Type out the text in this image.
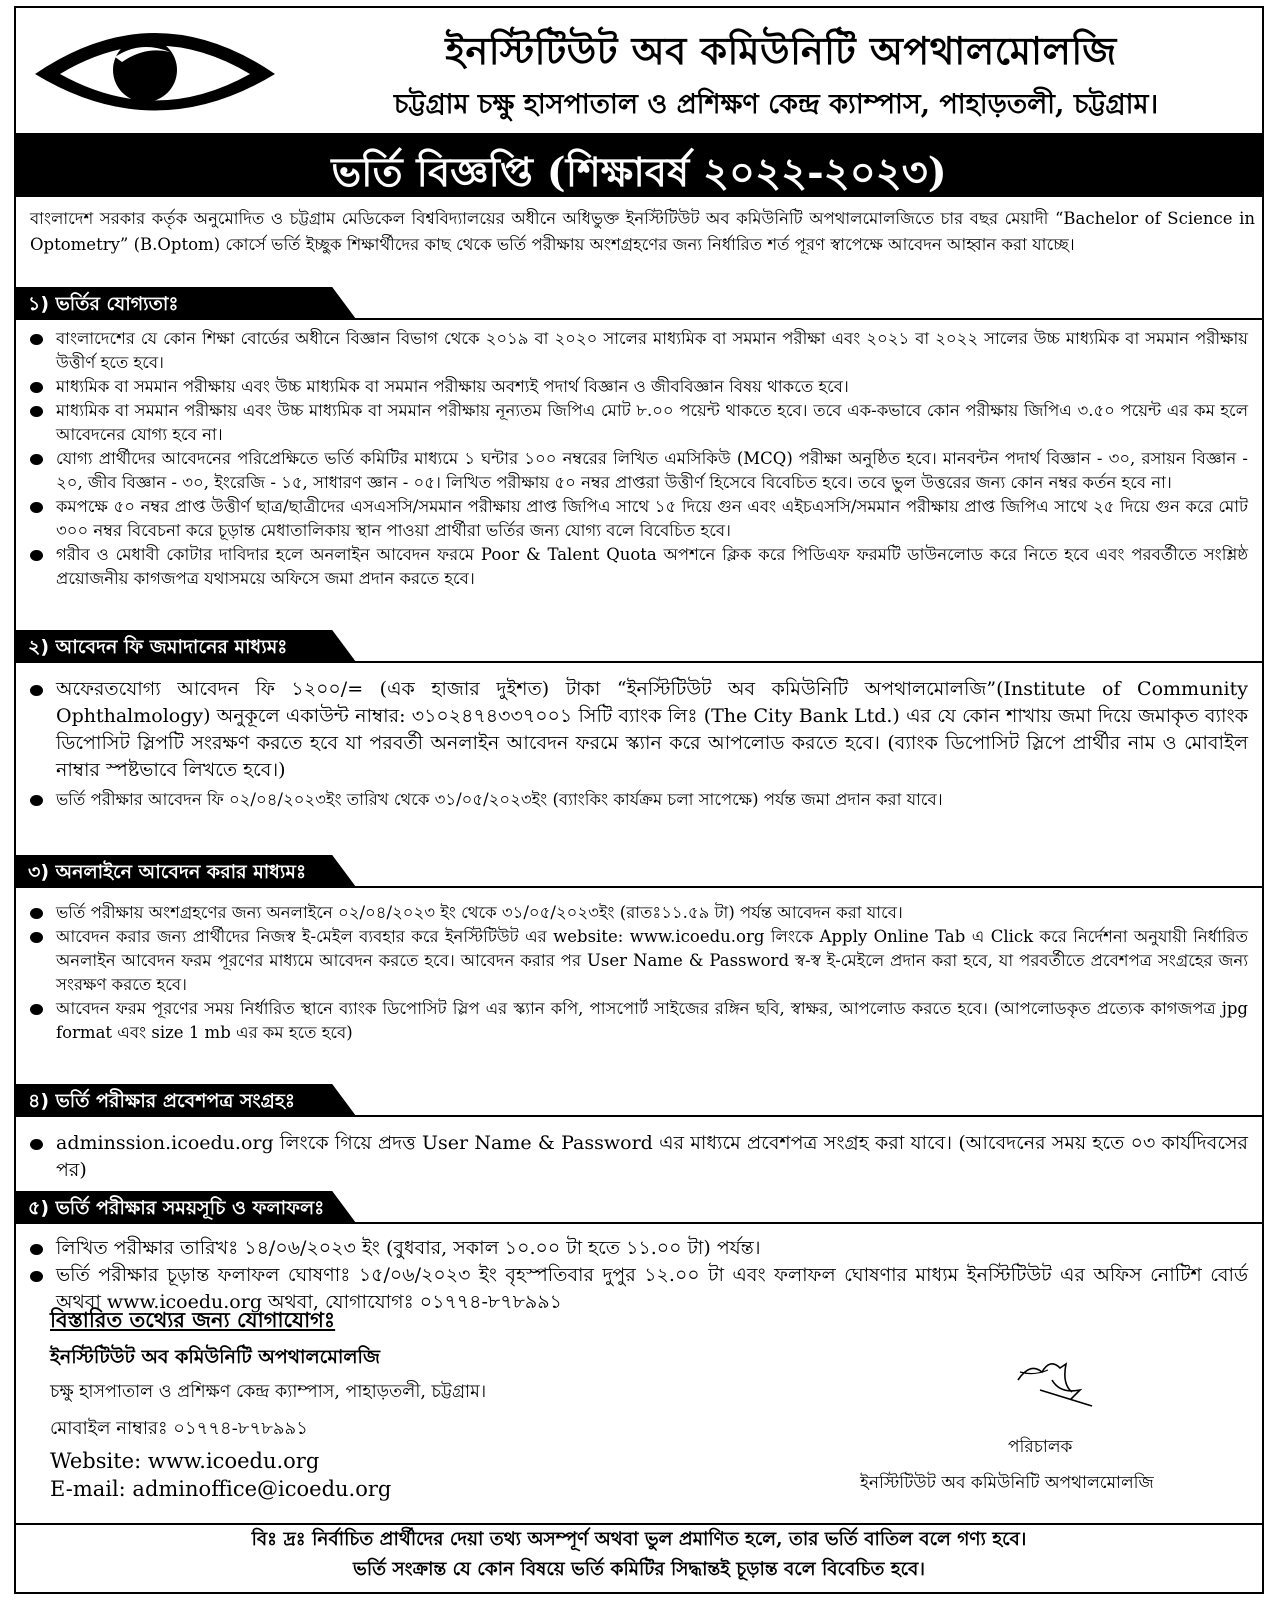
ইনস্টিটিউট অব কমিউনিটি অপথালমোলজি
চট্টগ্রাম চক্ষু হাসপাতাল ও প্রশিক্ষণ কেন্দ্র ক্যাম্পাস, পাহাড়তলী, চট্টগ্রাম।
ভর্তি বিজ্ঞপ্তি (শিক্ষাবর্ষ ২০২২-২০২৩)
বাংলাদেশ সরকার কর্তৃক অনুমোদিত ও চট্টগ্রাম মেডিকেল বিশ্ববিদ্যালয়ের অধীনে অধিভুক্ত ইনস্টিটিউট অব কমিউনিটি অপথালমোলজিতে চার বছর মেয়াদী “Bachelor of Science in Optometry” (B.Optom) কোর্সে ভর্তি ইচ্ছুক শিক্ষার্থীদের কাছ থেকে ভর্তি পরীক্ষায় অংশগ্রহণের জন্য নির্ধারিত শর্ত পূরণ স্বাপেক্ষে আবেদন আহ্বান করা যাচ্ছে।
১) ভর্তির যোগ্যতাঃ
বাংলাদেশের যে কোন শিক্ষা বোর্ডের অধীনে বিজ্ঞান বিভাগ থেকে ২০১৯ বা ২০২০ সালের মাধ্যমিক বা সমমান পরীক্ষা এবং ২০২১ বা ২০২২ সালের উচ্চ মাধ্যমিক বা সমমান পরীক্ষায় উত্তীর্ণ হতে হবে।
মাধ্যমিক বা সমমান পরীক্ষায় এবং উচ্চ মাধ্যমিক বা সমমান পরীক্ষায় অবশ্যই পদার্থ বিজ্ঞান ও জীববিজ্ঞান বিষয় থাকতে হবে।
মাধ্যমিক বা সমমান পরীক্ষায় এবং উচ্চ মাধ্যমিক বা সমমান পরীক্ষায় নূন্যতম জিপিএ মোট ৮.০০ পয়েন্ট থাকতে হবে। তবে এক-কভাবে কোন পরীক্ষায় জিপিএ ৩.৫০ পয়েন্ট এর কম হলে আবেদনের যোগ্য হবে না।
যোগ্য প্রার্থীদের আবেদনের পরিপ্রেক্ষিতে ভর্তি কমিটির মাধ্যমে ১ ঘন্টার ১০০ নম্বরের লিখিত এমসিকিউ (MCQ) পরীক্ষা অনুষ্ঠিত হবে। মানবন্টন পদার্থ বিজ্ঞান - ৩০, রসায়ন বিজ্ঞান - ২০, জীব বিজ্ঞান - ৩০, ইংরেজি - ১৫, সাধারণ জ্ঞান - ০৫। লিখিত পরীক্ষায় ৫০ নম্বর প্রাপ্তরা উত্তীর্ণ হিসেবে বিবেচিত হবে। তবে ভুল উত্তরের জন্য কোন নম্বর কর্তন হবে না।
কমপক্ষে ৫০ নম্বর প্রাপ্ত উত্তীর্ণ ছাত্র/ছাত্রীদের এসএসসি/সমমান পরীক্ষায় প্রাপ্ত জিপিএ সাথে ১৫ দিয়ে গুন এবং এইচএসসি/সমমান পরীক্ষায় প্রাপ্ত জিপিএ সাথে ২৫ দিয়ে গুন করে মোট ৩০০ নম্বর বিবেচনা করে চূড়ান্ত মেধাতালিকায় স্থান পাওয়া প্রার্থীরা ভর্তির জন্য যোগ্য বলে বিবেচিত হবে।
গরীব ও মেধাবী কোটার দাবিদার হলে অনলাইন আবেদন ফরমে Poor & Talent Quota অপশনে ক্লিক করে পিডিএফ ফরমটি ডাউনলোড করে নিতে হবে এবং পরবর্তীতে সংশ্লিষ্ঠ প্রয়োজনীয় কাগজপত্র যথাসময়ে অফিসে জমা প্রদান করতে হবে।
২) আবেদন ফি জমাদানের মাধ্যমঃ
অফেরতযোগ্য আবেদন ফি ১২০০/= (এক হাজার দুইশত) টাকা “ইনস্টিটিউট অব কমিউনিটি অপথালমোলজি”(Institute of Community Ophthalmology) অনুকূলে একাউন্ট নাম্বার: ৩১০২৪৭৪৩৩৭০০১ সিটি ব্যাংক লিঃ (The City Bank Ltd.) এর যে কোন শাখায় জমা দিয়ে জমাকৃত ব্যাংক ডিপোসিট স্লিপটি সংরক্ষণ করতে হবে যা পরবর্তী অনলাইন আবেদন ফরমে স্ক্যান করে আপলোড করতে হবে। (ব্যাংক ডিপোসিট স্লিপে প্রার্থীর নাম ও মোবাইল নাম্বার স্পষ্টভাবে লিখতে হবে।)
ভর্তি পরীক্ষার আবেদন ফি ০২/০৪/২০২৩ইং তারিখ থেকে ৩১/০৫/২০২৩ইং (ব্যাংকিং কার্যক্রম চলা সাপেক্ষে) পর্যন্ত জমা প্রদান করা যাবে।
৩) অনলাইনে আবেদন করার মাধ্যমঃ
ভর্তি পরীক্ষায় অংশগ্রহণের জন্য অনলাইনে ০২/০৪/২০২৩ ইং থেকে ৩১/০৫/২০২৩ইং (রাতঃ১১.৫৯ টা) পর্যন্ত আবেদন করা যাবে।
আবেদন করার জন্য প্রার্থীদের নিজস্ব ই-মেইল ব্যবহার করে ইনস্টিটিউট এর website: www.icoedu.org লিংকে Apply Online Tab এ Click করে নির্দেশনা অনুযায়ী নির্ধারিত অনলাইন আবেদন ফরম পূরণের মাধ্যমে আবেদন করতে হবে। আবেদন করার পর User Name & Password স্ব-স্ব ই-মেইলে প্রদান করা হবে, যা পরবর্তীতে প্রবেশপত্র সংগ্রহের জন্য সংরক্ষণ করতে হবে।
আবেদন ফরম পূরণের সময় নির্ধারিত স্থানে ব্যাংক ডিপোসিট স্লিপ এর স্ক্যান কপি, পাসপোর্ট সাইজের রঙ্গিন ছবি, স্বাক্ষর, আপলোড করতে হবে। (আপলোডকৃত প্রত্যেক কাগজপত্র jpg format এবং size 1 mb এর কম হতে হবে)
৪) ভর্তি পরীক্ষার প্রবেশপত্র সংগ্রহঃ
adminssion.icoedu.org লিংকে গিয়ে প্রদত্ত User Name & Password এর মাধ্যমে প্রবেশপত্র সংগ্রহ করা যাবে। (আবেদনের সময় হতে ০৩ কার্যদিবসের পর)
৫) ভর্তি পরীক্ষার সময়সূচি ও ফলাফলঃ
লিখিত পরীক্ষার তারিখঃ ১৪/০৬/২০২৩ ইং (বুধবার, সকাল ১০.০০ টা হতে ১১.০০ টা) পর্যন্ত।
ভর্তি পরীক্ষার চূড়ান্ত ফলাফল ঘোষণাঃ ১৫/০৬/২০২৩ ইং বৃহস্পতিবার দুপুর ১২.০০ টা এবং ফলাফল ঘোষণার মাধ্যম ইনস্টিটিউট এর অফিস নোটিশ বোর্ড অথবা www.icoedu.org অথবা, যোগাযোগঃ ০১৭৭৪-৮৭৮৯৯১
বিস্তারিত তথ্যের জন্য যোগাযোগঃ
ইনস্টিটিউট অব কমিউনিটি অপথালমোলজি
চক্ষু হাসপাতাল ও প্রশিক্ষণ কেন্দ্র ক্যাম্পাস, পাহাড়তলী, চট্টগ্রাম।
মোবাইল নাম্বারঃ ০১৭৭৪-৮৭৮৯৯১
Website: www.icoedu.org
E-mail: adminoffice@icoedu.org
পরিচালক
ইনস্টিটিউট অব কমিউনিটি অপথালমোলজি
বিঃ দ্রঃ নির্বাচিত প্রার্থীদের দেয়া তথ্য অসম্পূর্ণ অথবা ভুল প্রমাণিত হলে, তার ভর্তি বাতিল বলে গণ্য হবে।
ভর্তি সংক্রান্ত যে কোন বিষয়ে ভর্তি কমিটির সিদ্ধান্তই চূড়ান্ত বলে বিবেচিত হবে।
